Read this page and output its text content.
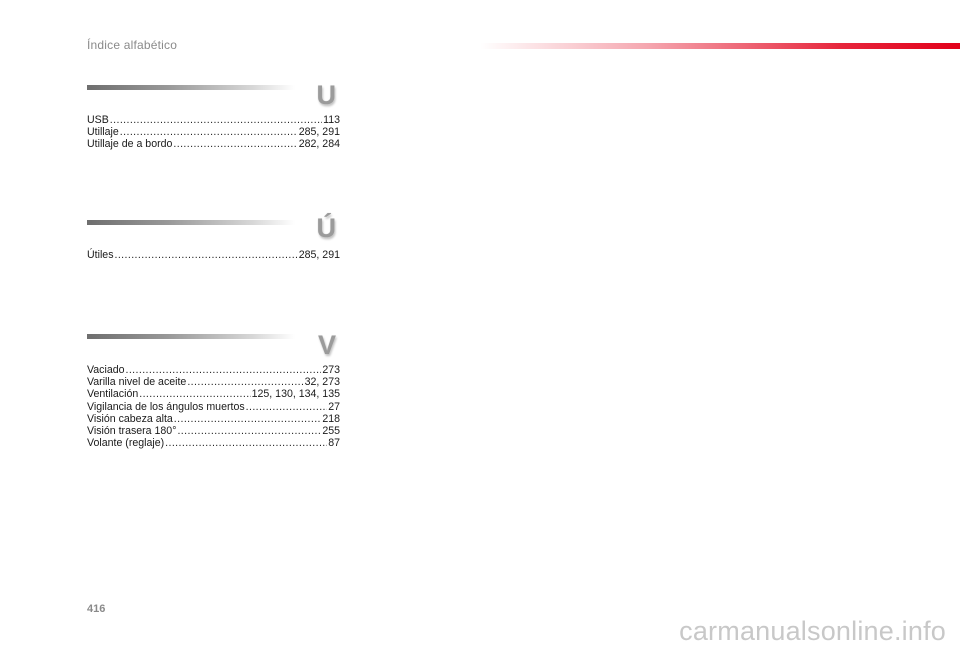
Índice alfabético
U
USB .....	113
Utillaje .....	285, 291
Utillaje de a bordo .....	282, 284
Ú
Útiles .....	285, 291
V
Vaciado .....	273
Varilla nivel de aceite .....	32, 273
Ventilación .....	125, 130, 134, 135
Vigilancia de los ángulos muertos .....	27
Visión cabeza alta .....	218
Visión trasera 180° .....	255
Volante (reglaje) .....	87
416
carmanualsonline.info
